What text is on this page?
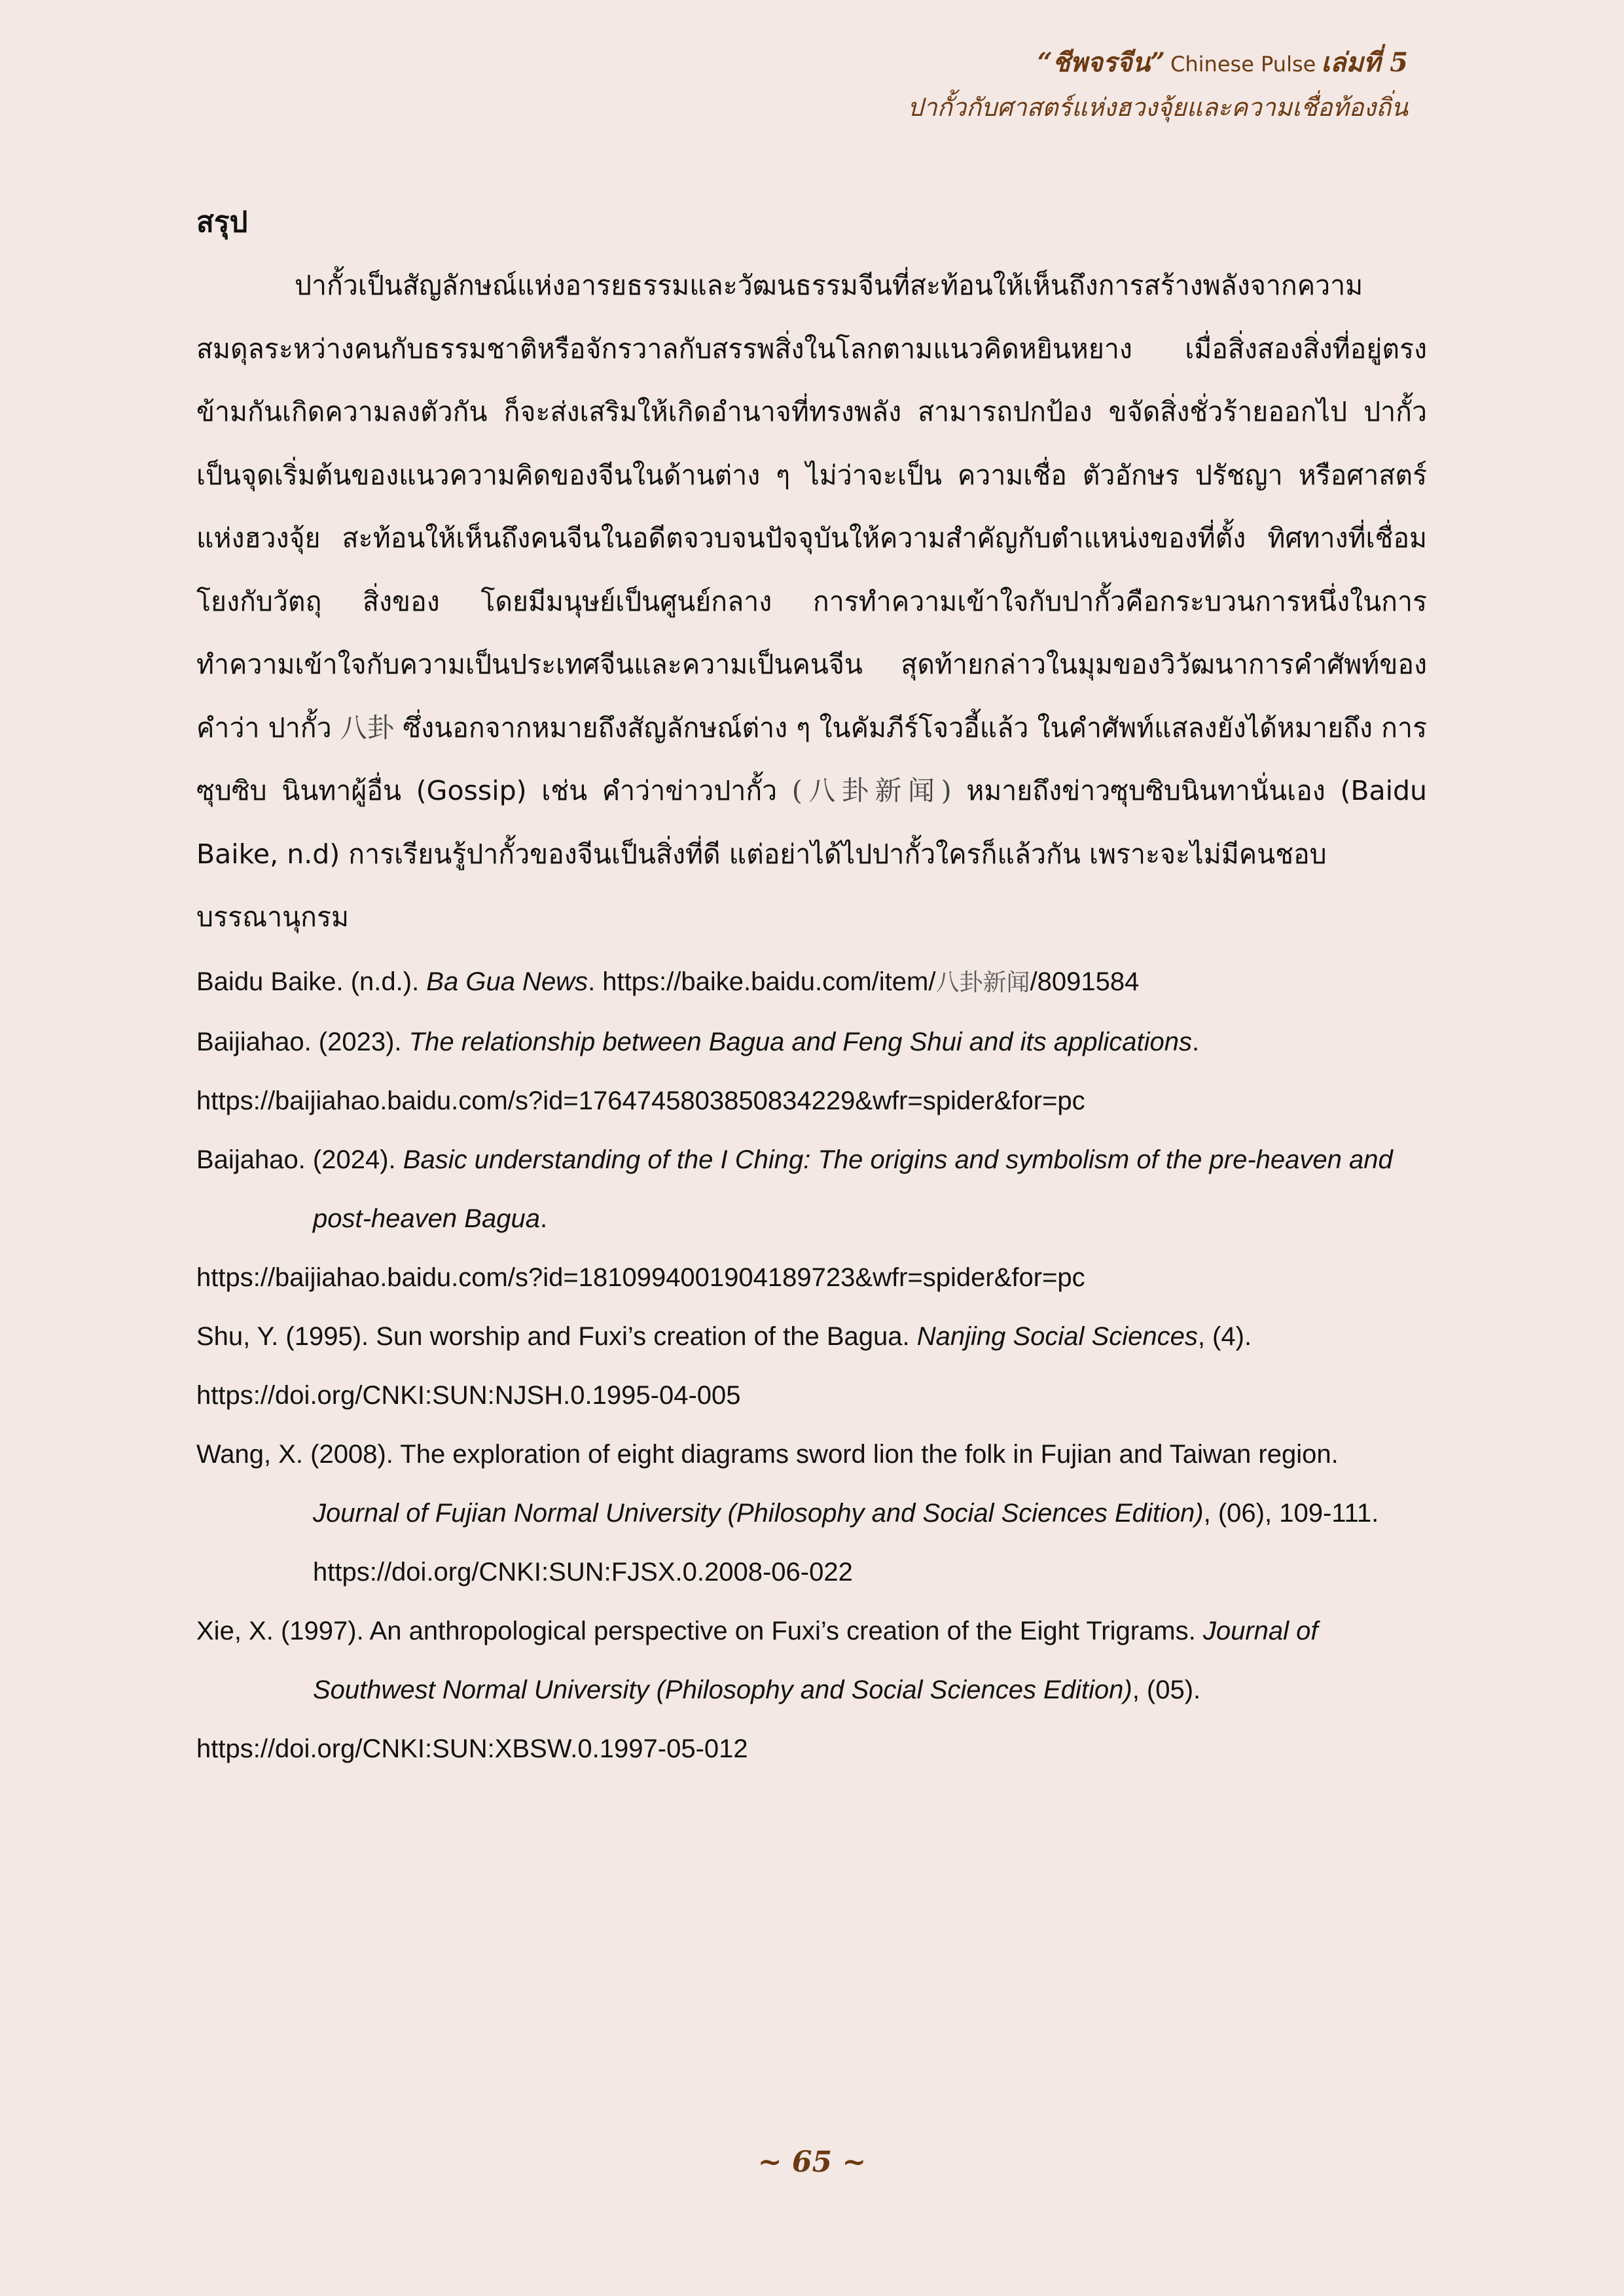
“ชีพจรจีน” Chinese Pulse เล่มที่ 5
ปากั้วกับศาสตร์แห่งฮวงจุ้ยและความเชื่อท้องถิ่น
สรุป

ปากั้วเป็นสัญลักษณ์แห่งอารยธรรมและวัฒนธรรมจีนที่สะท้อนให้เห็นถึงการสร้างพลังจากความสมดุลระหว่างคนกับธรรมชาติหรือจักรวาลกับสรรพสิ่งในโลกตามแนวคิดหยินหยาง เมื่อสิ่งสองสิ่งที่อยู่ตรงข้ามกันเกิดความลงตัวกัน ก็จะส่งเสริมให้เกิดอำนาจที่ทรงพลัง สามารถปกป้อง ขจัดสิ่งชั่วร้ายออกไป ปากั้วเป็นจุดเริ่มต้นของแนวความคิดของจีนในด้านต่าง ๆ ไม่ว่าจะเป็น ความเชื่อ ตัวอักษร ปรัชญา หรือศาสตร์แห่งฮวงจุ้ย สะท้อนให้เห็นถึงคนจีนในอดีตจวบจนปัจจุบันให้ความสำคัญกับตำแหน่งของที่ตั้ง ทิศทางที่เชื่อมโยงกับวัตถุ สิ่งของ โดยมีมนุษย์เป็นศูนย์กลาง การทำความเข้าใจกับปากั้วคือกระบวนการหนึ่งในการทำความเข้าใจกับความเป็นประเทศจีนและความเป็นคนจีน สุดท้ายกล่าวในมุมของวิวัฒนาการคำศัพท์ของคำว่า ปากั้ว 八卦 ซึ่งนอกจากหมายถึงสัญลักษณ์ต่าง ๆ ในคัมภีร์โจวอี้แล้ว ในคำศัพท์แสลงยังได้หมายถึง การซุบซิบ นินทาผู้อื่น (Gossip) เช่น คำว่าข่าวปากั้ว (八卦新闻) หมายถึงข่าวซุบซิบนินทานั่นเอง (Baidu Baike, n.d) การเรียนรู้ปากั้วของจีนเป็นสิ่งที่ดี แต่อย่าได้ไปปากั้วใครก็แล้วกัน เพราะจะไม่มีคนชอบ

บรรณานุกรม

Baidu Baike. (n.d.). Ba Gua News. https://baike.baidu.com/item/八卦新闻/8091584

Baijiahao. (2023). The relationship between Bagua and Feng Shui and its applications.
https://baijiahao.baidu.com/s?id=1764745803850834229&wfr=spider&for=pc

Baijahao. (2024). Basic understanding of the I Ching: The origins and symbolism of the pre-heaven and post-heaven Bagua.
https://baijiahao.baidu.com/s?id=1810994001904189723&wfr=spider&for=pc

Shu, Y. (1995). Sun worship and Fuxi’s creation of the Bagua. Nanjing Social Sciences, (4).
https://doi.org/CNKI:SUN:NJSH.0.1995-04-005

Wang, X. (2008). The exploration of eight diagrams sword lion the folk in Fujian and Taiwan region. Journal of Fujian Normal University (Philosophy and Social Sciences Edition), (06), 109-111. https://doi.org/CNKI:SUN:FJSX.0.2008-06-022

Xie, X. (1997). An anthropological perspective on Fuxi’s creation of the Eight Trigrams. Journal of Southwest Normal University (Philosophy and Social Sciences Edition), (05).
https://doi.org/CNKI:SUN:XBSW.0.1997-05-012

~ 65 ~
